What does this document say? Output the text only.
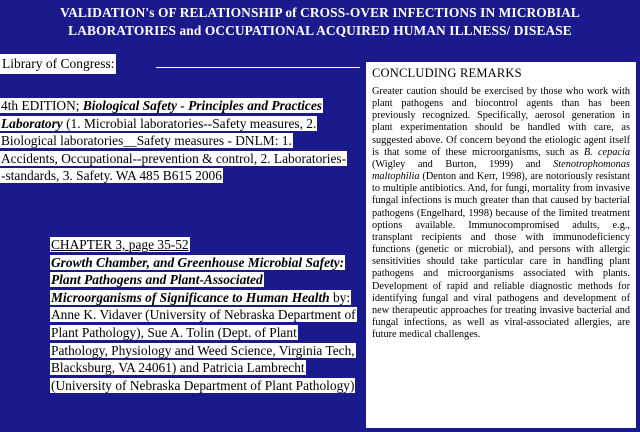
VALIDATION's OF RELATIONSHIP of CROSS-OVER INFECTIONS IN MICROBIAL
LABORATORIES and OCCUPATIONAL ACQUIRED HUMAN ILLNESS/ DISEASE
Library of Congress:
4th EDITION; Biological Safety - Principles and Practices Laboratory (1. Microbial laboratories--Safety measures, 2. Biological laboratories__Safety measures - DNLM: 1. Accidents, Occupational--prevention & control, 2. Laboratories--standards, 3. Safety. WA 485 B615 2006
CHAPTER 3, page 35-52
Growth Chamber, and Greenhouse Microbial Safety: Plant Pathogens and Plant-Associated Microorganisms of Significance to Human Health by: Anne K. Vidaver (University of Nebraska Department of Plant Pathology), Sue A. Tolin (Dept. of Plant Pathology, Physiology and Weed Science, Virginia Tech, Blacksburg, VA 24061) and Patricia Lambrecht (University of Nebraska Department of Plant Pathology)
CONCLUDING REMARKS

Greater caution should be exercised by those who work with plant pathogens and biocontrol agents than has been previously recognized. Specifically, aerosol generation in plant experimentation should be handled with care, as suggested above. Of concern beyond the etiologic agent itself is that some of these microorganisms, such as B. cepacia (Wigley and Burton, 1999) and Stenotrophomonas maltophilia (Denton and Kerr, 1998), are notoriously resistant to multiple antibiotics. And, for fungi, mortality from invasive fungal infections is much greater than that caused by bacterial pathogens (Engelhard, 1998) because of the limited treatment options available. Immunocompromised adults, e.g., transplant recipients and those with immunodeficiency functions (genetic or microbial), and persons with allergic sensitivities should take particular care in handling plant pathogens and microorganisms associated with plants. Development of rapid and reliable diagnostic methods for identifying fungal and viral pathogens and development of new therapeutic approaches for treating invasive bacterial and fungal infections, as well as viral-associated allergies, are future medical challenges.
